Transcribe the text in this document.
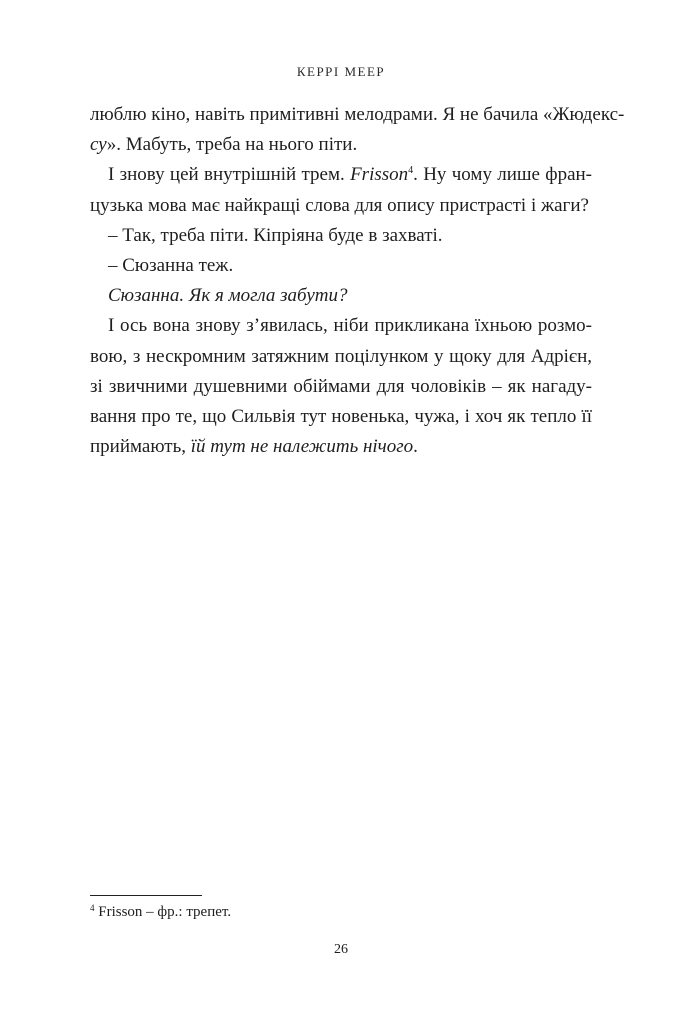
КЕРРІ МЕЕР
люблю кіно, навіть примітивні мелодрами. Я не бачила «Жюдекс-
су». Мабуть, треба на нього піти.
І знову цей внутрішній трем. Frisson$^4$. Ну чому лише фран-
цузька мова має найкращі слова для опису пристрасті і жаги?
– Так, треба піти. Кіпріяна буде в захваті.
– Сюзанна теж.
Сюзанна. Як я могла забути?
І ось вона знову з’явилась, ніби прикликана їхньою розмо-
вою, з нескромним затяжним поцілунком у щоку для Адрієн,
зі звичними душевними обіймами для чоловіків – як нагаду-
вання про те, що Сильвія тут новенька, чужа, і хоч як тепло її
приймають, їй тут не належить нічого.
$^4$ Frisson – фр.: трепет.
26
